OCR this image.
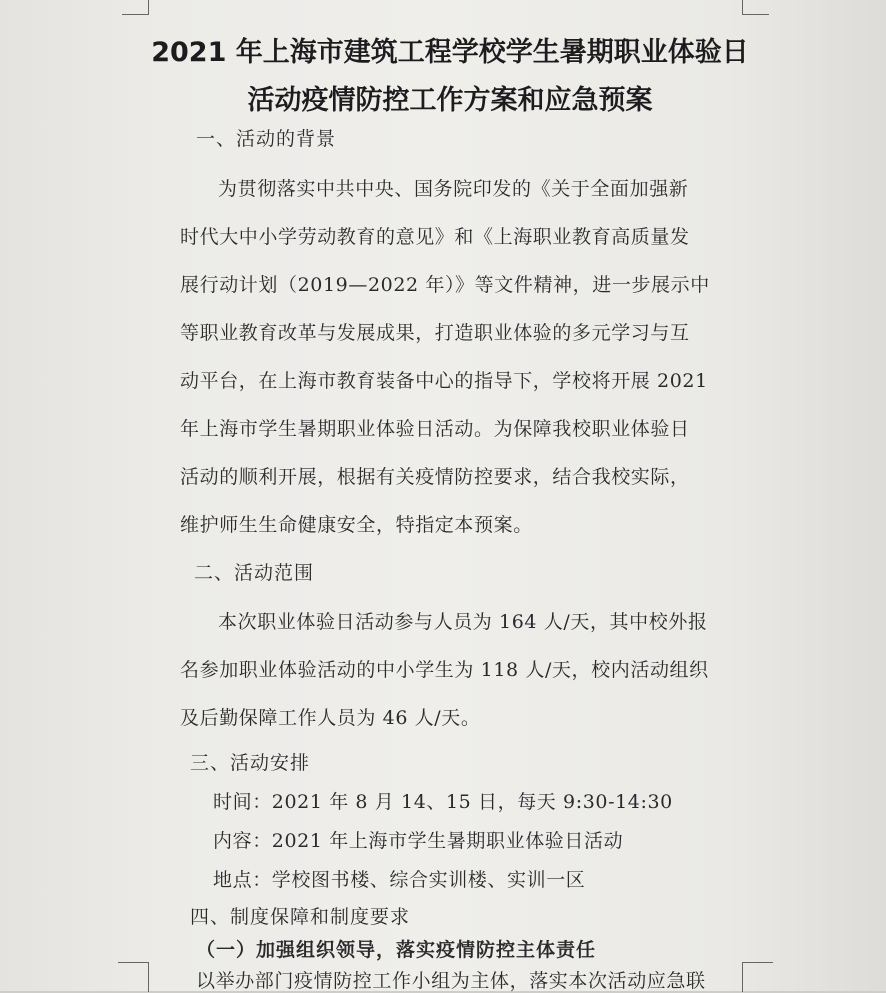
2021 年上海市建筑工程学校学生暑期职业体验日
活动疫情防控工作方案和应急预案
一、活动的背景
为贯彻落实中共中央、国务院印发的《关于全面加强新
时代大中小学劳动教育的意见》和《上海职业教育高质量发
展行动计划（2019—2022 年）》等文件精神，进一步展示中
等职业教育改革与发展成果，打造职业体验的多元学习与互
动平台，在上海市教育装备中心的指导下，学校将开展 2021
年上海市学生暑期职业体验日活动。为保障我校职业体验日
活动的顺利开展，根据有关疫情防控要求，结合我校实际，
维护师生生命健康安全，特指定本预案。
二、活动范围
本次职业体验日活动参与人员为 164 人/天，其中校外报
名参加职业体验活动的中小学生为 118 人/天，校内活动组织
及后勤保障工作人员为 46 人/天。
三、活动安排
时间：2021 年 8 月 14、15 日，每天 9:30-14:30
内容：2021 年上海市学生暑期职业体验日活动
地点：学校图书楼、综合实训楼、实训一区
四、制度保障和制度要求
（一）加强组织领导，落实疫情防控主体责任
以举办部门疫情防控工作小组为主体，落实本次活动应急联
